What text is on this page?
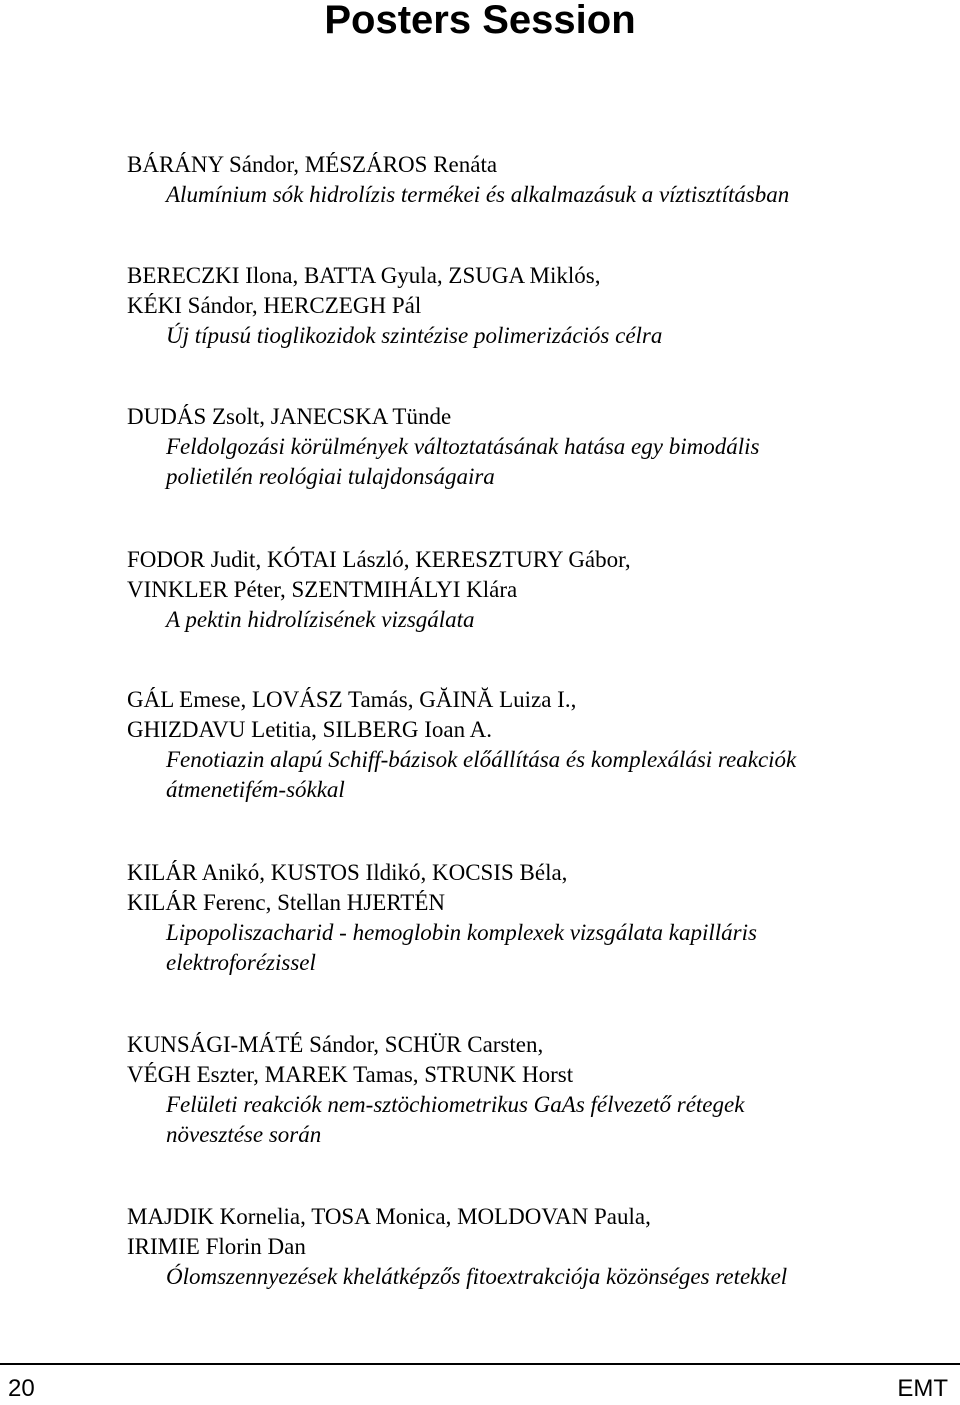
Posters Session
BÁRÁNY Sándor, MÉSZÁROS Renáta
Alumínium sók hidrolízis termékei és alkalmazásuk a víztisztításban
BERECZKI Ilona, BATTA Gyula, ZSUGA Miklós,
KÉKI Sándor, HERCZEGH Pál
Új típusú tioglikozidok szintézise polimerizációs célra
DUDÁS Zsolt, JANECSKA Tünde
Feldolgozási körülmények változtatásának hatása egy bimodális
polietilén reológiai tulajdonságaira
FODOR Judit, KÓTAI László, KERESZTURY Gábor,
VINKLER Péter, SZENTMIHÁLYI Klára
A pektin hidrolízisének vizsgálata
GÁL Emese, LOVÁSZ Tamás, GĂINĂ Luiza I.,
GHIZDAVU Letitia, SILBERG Ioan A.
Fenotiazin alapú Schiff-bázisok előállítása és komplexálási reakciók
átmenetifém-sókkal
KILÁR Anikó, KUSTOS Ildikó, KOCSIS Béla,
KILÁR Ferenc, Stellan HJERTÉN
Lipopoliszacharid - hemoglobin komplexek vizsgálata kapilláris
elektroforézissel
KUNSÁGI-MÁTÉ Sándor, SCHÜR Carsten,
VÉGH Eszter, MAREK Tamas, STRUNK Horst
Felületi reakciók nem-sztöchiometrikus GaAs félvezető rétegek
növesztése során
MAJDIK Kornelia, TOSA Monica, MOLDOVAN Paula,
IRIMIE Florin Dan
Ólomszennyezések khelátképzős fitoextrakciója közönséges retekkel
20	EMT
